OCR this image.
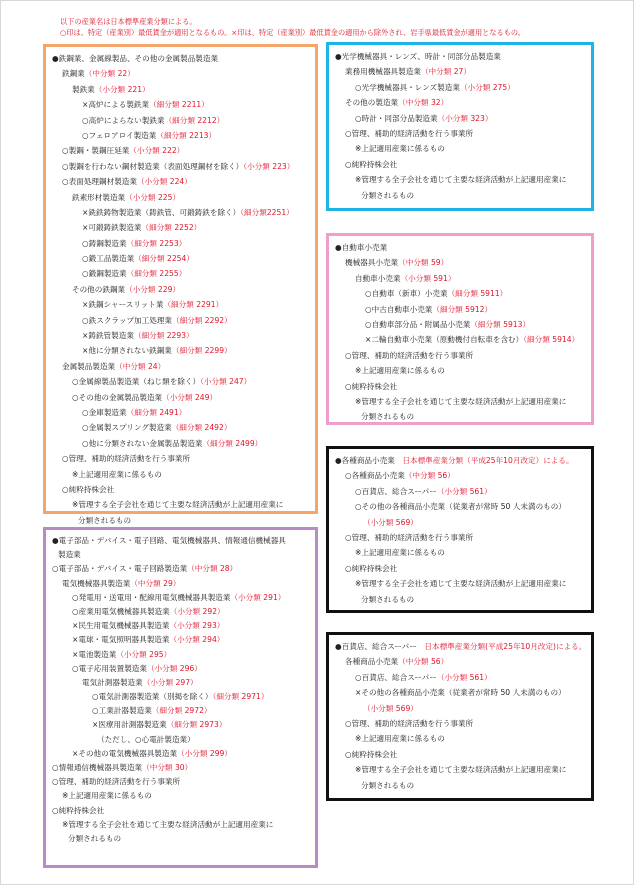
以下の産業名は日本標準産業分類による。
○印は、特定（産業別）最低賃金が適用となるもの。×印は、特定（産業別）最低賃金の適用から除外され、岩手県最低賃金が適用となるもの。
●鉄鋼業、金属線製品、その他の金属製品製造業
鉄鋼業（中分類 22）
製鉄業（小分類 221）
×高炉による製鉄業（細分類 2211）
○高炉によらない製鉄業（細分類 2212）
○フェロアロイ製造業（細分類 2213）
○製鋼・製鋼圧延業（小分類 222）
○製鋼を行わない鋼材製造業（表面処理鋼材を除く）（小分類 223）
○表面処理鋼材製造業（小分類 224）
鉄素形材製造業（小分類 225）
×銑鉄鋳物製造業（鋳鉄管、可鍛鋳鉄を除く）（細分類2251）
×可鍛鋳鉄製造業（細分類 2252）
○鋳鋼製造業（細分類 2253）
○鍛工品製造業（細分類 2254）
○鍛鋼製造業（細分類 2255）
その他の鉄鋼業（小分類 229）
×鉄鋼シャースリット業（細分類 2291）
○鉄スクラップ加工処理業（細分類 2292）
×鋳鉄管製造業（細分類 2293）
×他に分類されない鉄鋼業（細分類 2299）
金属製品製造業（中分類 24）
○金属線製品製造業（ねじ類を除く）（小分類 247）
○その他の金属製品製造業（小分類 249）
○金庫製造業（細分類 2491）
○金属製スプリング製造業（細分類 2492）
○他に分類されない金属製品製造業（細分類 2499）
○管理、補助的経済活動を行う事業所
※上記適用産業に係るもの
○純粋持株会社
※管理する全子会社を通じて主要な経済活動が上記適用産業に
分類されるもの
●光学機械器具・レンズ、時計・同部分品製造業
業務用機械器具製造業（中分類 27）
○光学機械器具・レンズ製造業（小分類 275）
その他の製造業（中分類 32）
○時計・同部分品製造業（小分類 323）
○管理、補助的経済活動を行う事業所
※上記適用産業に係るもの
○純粋持株会社
※管理する全子会社を通じて主要な経済活動が上記適用産業に
分類されるもの
●自動車小売業
機械器具小売業（中分類 59）
自動車小売業（小分類 591）
○自動車（新車）小売業（細分類 5911）
○中古自動車小売業（細分類 5912）
○自動車部分品・附属品小売業（細分類 5913）
×二輪自動車小売業（原動機付自転車を含む）（細分類 5914）
○管理、補助的経済活動を行う事業所
※上記適用産業に係るもの
○純粋持株会社
※管理する全子会社を通じて主要な経済活動が上記適用産業に
分類されるもの
●電子部品・デバイス・電子回路、電気機械器具、情報通信機械器具
製造業
○電子部品・デバイス・電子回路製造業（中分類 28）
電気機械器具製造業（中分類 29）
○発電用・送電用・配線用電気機械器具製造業（小分類 291）
○産業用電気機械器具製造業（小分類 292）
×民生用電気機械器具製造業（小分類 293）
×電球・電気照明器具製造業（小分類 294）
×電池製造業（小分類 295）
○電子応用装置製造業（小分類 296）
電気計測器製造業（小分類 297）
○電気計測器製造業（別掲を除く）（細分類 2971）
○工業計器製造業（細分類 2972）
×医療用計測器製造業（細分類 2973）
（ただし、○心電計製造業）
×その他の電気機械器具製造業（小分類 299）
○情報通信機械器具製造業（中分類 30）
○管理、補助的経済活動を行う事業所
※上記適用産業に係るもの
○純粋持株会社
※管理する全子会社を通じて主要な経済活動が上記適用産業に
分類されるもの
●各種商品小売業　日本標準産業分類（平成25年10月改定）による。
○各種商品小売業（中分類 56）
○百貨店、総合スーパー（小分類 561）
○その他の各種商品小売業（従業者が常時 50 人未満のもの）
（小分類 569）
○管理、補助的経済活動を行う事業所
※上記適用産業に係るもの
○純粋持株会社
※管理する全子会社を通じて主要な経済活動が上記適用産業に
分類されるもの
●百貨店、総合スーパー　日本標準産業分類(平成25年10月改定)による。
各種商品小売業（中分類 56）
○百貨店、総合スーパー（小分類 561）
×その他の各種商品小売業（従業者が常時 50 人未満のもの）
（小分類 569）
○管理、補助的経済活動を行う事業所
※上記適用産業に係るもの
○純粋持株会社
※管理する全子会社を通じて主要な経済活動が上記適用産業に
分類されるもの
